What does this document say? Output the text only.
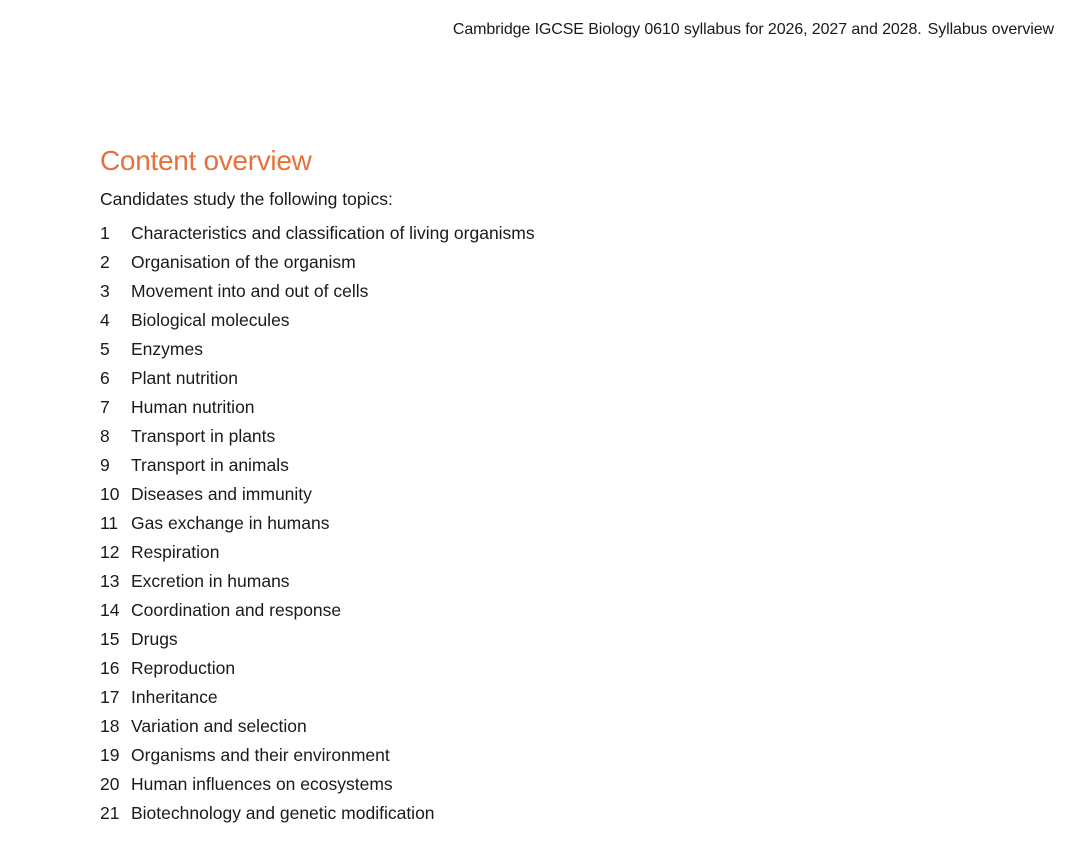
Cambridge IGCSE Biology 0610 syllabus for 2026, 2027 and 2028. Syllabus overview
Content overview

Candidates study the following topics:

1	Characteristics and classification of living organisms
2	Organisation of the organism
3	Movement into and out of cells
4	Biological molecules
5	Enzymes
6	Plant nutrition
7	Human nutrition
8	Transport in plants
9	Transport in animals
10 Diseases and immunity
11 Gas exchange in humans
12 Respiration
13 Excretion in humans
14 Coordination and response
15 Drugs
16 Reproduction
17 Inheritance
18 Variation and selection
19 Organisms and their environment
20 Human influences on ecosystems
21 Biotechnology and genetic modification
